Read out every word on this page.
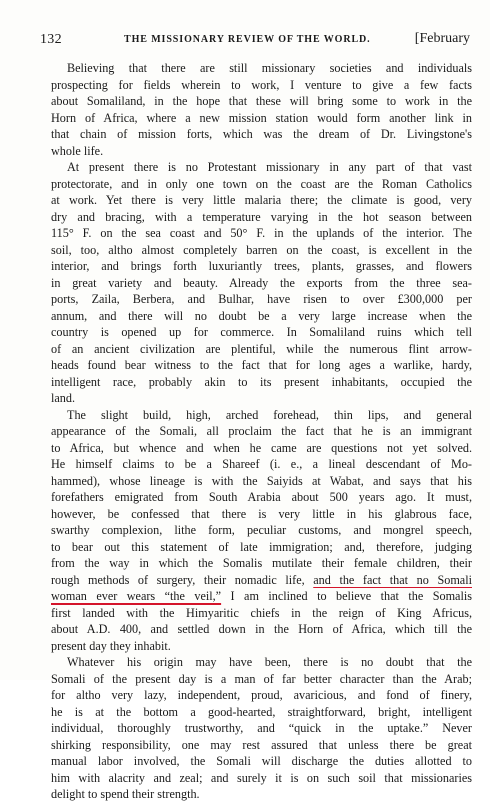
132	THE MISSIONARY REVIEW OF THE WORLD.	[February
Believing that there are still missionary societies and individuals
prospecting for fields wherein to work, I venture to give a few facts
about Somaliland, in the hope that these will bring some to work in the
Horn of Africa, where a new mission station would form another link in
that chain of mission forts, which was the dream of Dr. Livingstone's
whole life.
At present there is no Protestant missionary in any part of that vast
protectorate, and in only one town on the coast are the Roman Catholics
at work. Yet there is very little malaria there; the climate is good, very
dry and bracing, with a temperature varying in the hot season between
115° F. on the sea coast and 50° F. in the uplands of the interior. The
soil, too, altho almost completely barren on the coast, is excellent in the
interior, and brings forth luxuriantly trees, plants, grasses, and flowers
in great variety and beauty. Already the exports from the three sea-
ports, Zaila, Berbera, and Bulhar, have risen to over £300,000 per
annum, and there will no doubt be a very large increase when the
country is opened up for commerce. In Somaliland ruins which tell
of an ancient civilization are plentiful, while the numerous flint arrow-
heads found bear witness to the fact that for long ages a warlike, hardy,
intelligent race, probably akin to its present inhabitants, occupied the
land.
The slight build, high, arched forehead, thin lips, and general
appearance of the Somali, all proclaim the fact that he is an immigrant
to Africa, but whence and when he came are questions not yet solved.
He himself claims to be a Shareef (i. e., a lineal descendant of Mo-
hammed), whose lineage is with the Saiyids at Wabat, and says that his
forefathers emigrated from South Arabia about 500 years ago. It must,
however, be confessed that there is very little in his glabrous face,
swarthy complexion, lithe form, peculiar customs, and mongrel speech,
to bear out this statement of late immigration; and, therefore, judging
from the way in which the Somalis mutilate their female children, their
rough methods of surgery, their nomadic life, and the fact that no Somali
woman ever wears “the veil,” I am inclined to believe that the Somalis
first landed with the Himyaritic chiefs in the reign of King Africus,
about A.D. 400, and settled down in the Horn of Africa, which till the
present day they inhabit.
Whatever his origin may have been, there is no doubt that the
Somali of the present day is a man of far better character than the Arab;
for altho very lazy, independent, proud, avaricious, and fond of finery,
he is at the bottom a good-hearted, straightforward, bright, intelligent
individual, thoroughly trustworthy, and “quick in the uptake.” Never
shirking responsibility, one may rest assured that unless there be great
manual labor involved, the Somali will discharge the duties allotted to
him with alacrity and zeal; and surely it is on such soil that missionaries
delight to spend their strength.
